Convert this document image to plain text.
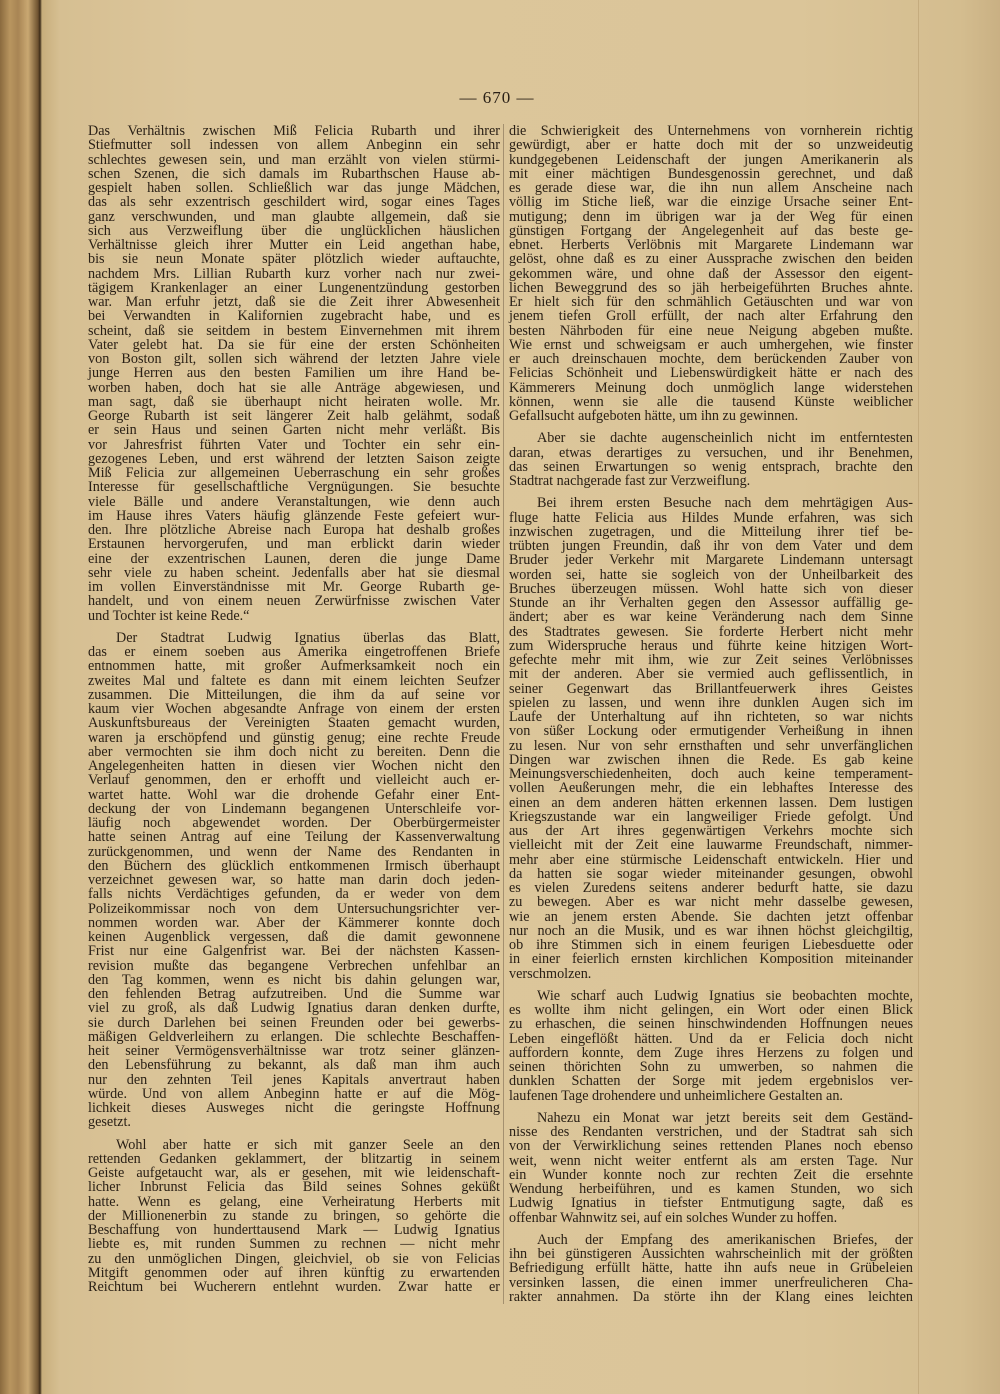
— 670 —
Das Verhältnis zwischen Miß Felicia Rubarth und ihrer
Stiefmutter soll indessen von allem Anbeginn ein sehr
schlechtes gewesen sein, und man erzählt von vielen stürmi-
schen Szenen, die sich damals im Rubarthschen Hause ab-
gespielt haben sollen. Schließlich war das junge Mädchen,
das als sehr exzentrisch geschildert wird, sogar eines Tages
ganz verschwunden, und man glaubte allgemein, daß sie
sich aus Verzweiflung über die unglücklichen häuslichen
Verhältnisse gleich ihrer Mutter ein Leid angethan habe,
bis sie neun Monate später plötzlich wieder auftauchte,
nachdem Mrs. Lillian Rubarth kurz vorher nach nur zwei-
tägigem Krankenlager an einer Lungenentzündung gestorben
war. Man erfuhr jetzt, daß sie die Zeit ihrer Abwesenheit
bei Verwandten in Kalifornien zugebracht habe, und es
scheint, daß sie seitdem in bestem Einvernehmen mit ihrem
Vater gelebt hat. Da sie für eine der ersten Schönheiten
von Boston gilt, sollen sich während der letzten Jahre viele
junge Herren aus den besten Familien um ihre Hand be-
worben haben, doch hat sie alle Anträge abgewiesen, und
man sagt, daß sie überhaupt nicht heiraten wolle. Mr.
George Rubarth ist seit längerer Zeit halb gelähmt, sodaß
er sein Haus und seinen Garten nicht mehr verläßt. Bis
vor Jahresfrist führten Vater und Tochter ein sehr ein-
gezogenes Leben, und erst während der letzten Saison zeigte
Miß Felicia zur allgemeinen Ueberraschung ein sehr großes
Interesse für gesellschaftliche Vergnügungen. Sie besuchte
viele Bälle und andere Veranstaltungen, wie denn auch
im Hause ihres Vaters häufig glänzende Feste gefeiert wur-
den. Ihre plötzliche Abreise nach Europa hat deshalb großes
Erstaunen hervorgerufen, und man erblickt darin wieder
eine der exzentrischen Launen, deren die junge Dame
sehr viele zu haben scheint. Jedenfalls aber hat sie diesmal
im vollen Einverständnisse mit Mr. George Rubarth ge-
handelt, und von einem neuen Zerwürfnisse zwischen Vater
und Tochter ist keine Rede.“
Der Stadtrat Ludwig Ignatius überlas das Blatt,
das er einem soeben aus Amerika eingetroffenen Briefe
entnommen hatte, mit großer Aufmerksamkeit noch ein
zweites Mal und faltete es dann mit einem leichten Seufzer
zusammen. Die Mitteilungen, die ihm da auf seine vor
kaum vier Wochen abgesandte Anfrage von einem der ersten
Auskunftsbureaus der Vereinigten Staaten gemacht wurden,
waren ja erschöpfend und günstig genug; eine rechte Freude
aber vermochten sie ihm doch nicht zu bereiten. Denn die
Angelegenheiten hatten in diesen vier Wochen nicht den
Verlauf genommen, den er erhofft und vielleicht auch er-
wartet hatte. Wohl war die drohende Gefahr einer Ent-
deckung der von Lindemann begangenen Unterschleife vor-
läufig noch abgewendet worden. Der Oberbürgermeister
hatte seinen Antrag auf eine Teilung der Kassenverwaltung
zurückgenommen, und wenn der Name des Rendanten in
den Büchern des glücklich entkommenen Irmisch überhaupt
verzeichnet gewesen war, so hatte man darin doch jeden-
falls nichts Verdächtiges gefunden, da er weder von dem
Polizeikommissar noch von dem Untersuchungsrichter ver-
nommen worden war. Aber der Kämmerer konnte doch
keinen Augenblick vergessen, daß die damit gewonnene
Frist nur eine Galgenfrist war. Bei der nächsten Kassen-
revision mußte das begangene Verbrechen unfehlbar an
den Tag kommen, wenn es nicht bis dahin gelungen war,
den fehlenden Betrag aufzutreiben. Und die Summe war
viel zu groß, als daß Ludwig Ignatius daran denken durfte,
sie durch Darlehen bei seinen Freunden oder bei gewerbs-
mäßigen Geldverleihern zu erlangen. Die schlechte Beschaffen-
heit seiner Vermögensverhältnisse war trotz seiner glänzen-
den Lebensführung zu bekannt, als daß man ihm auch
nur den zehnten Teil jenes Kapitals anvertraut haben
würde. Und von allem Anbeginn hatte er auf die Mög-
lichkeit dieses Ausweges nicht die geringste Hoffnung
gesetzt.
Wohl aber hatte er sich mit ganzer Seele an den
rettenden Gedanken geklammert, der blitzartig in seinem
Geiste aufgetaucht war, als er gesehen, mit wie leidenschaft-
licher Inbrunst Felicia das Bild seines Sohnes geküßt
hatte. Wenn es gelang, eine Verheiratung Herberts mit
der Millionenerbin zu stande zu bringen, so gehörte die
Beschaffung von hunderttausend Mark — Ludwig Ignatius
liebte es, mit runden Summen zu rechnen — nicht mehr
zu den unmöglichen Dingen, gleichviel, ob sie von Felicias
Mitgift genommen oder auf ihren künftig zu erwartenden
Reichtum bei Wucherern entlehnt wurden. Zwar hatte er
die Schwierigkeit des Unternehmens von vornherein richtig
gewürdigt, aber er hatte doch mit der so unzweideutig
kundgegebenen Leidenschaft der jungen Amerikanerin als
mit einer mächtigen Bundesgenossin gerechnet, und daß
es gerade diese war, die ihn nun allem Anscheine nach
völlig im Stiche ließ, war die einzige Ursache seiner Ent-
mutigung; denn im übrigen war ja der Weg für einen
günstigen Fortgang der Angelegenheit auf das beste ge-
ebnet. Herberts Verlöbnis mit Margarete Lindemann war
gelöst, ohne daß es zu einer Aussprache zwischen den beiden
gekommen wäre, und ohne daß der Assessor den eigent-
lichen Beweggrund des so jäh herbeigeführten Bruches ahnte.
Er hielt sich für den schmählich Getäuschten und war von
jenem tiefen Groll erfüllt, der nach alter Erfahrung den
besten Nährboden für eine neue Neigung abgeben mußte.
Wie ernst und schweigsam er auch umhergehen, wie finster
er auch dreinschauen mochte, dem berückenden Zauber von
Felicias Schönheit und Liebenswürdigkeit hätte er nach des
Kämmerers Meinung doch unmöglich lange widerstehen
können, wenn sie alle die tausend Künste weiblicher
Gefallsucht aufgeboten hätte, um ihn zu gewinnen.
Aber sie dachte augenscheinlich nicht im entferntesten
daran, etwas derartiges zu versuchen, und ihr Benehmen,
das seinen Erwartungen so wenig entsprach, brachte den
Stadtrat nachgerade fast zur Verzweiflung.
Bei ihrem ersten Besuche nach dem mehrtägigen Aus-
fluge hatte Felicia aus Hildes Munde erfahren, was sich
inzwischen zugetragen, und die Mitteilung ihrer tief be-
trübten jungen Freundin, daß ihr von dem Vater und dem
Bruder jeder Verkehr mit Margarete Lindemann untersagt
worden sei, hatte sie sogleich von der Unheilbarkeit des
Bruches überzeugen müssen. Wohl hatte sich von dieser
Stunde an ihr Verhalten gegen den Assessor auffällig ge-
ändert; aber es war keine Veränderung nach dem Sinne
des Stadtrates gewesen. Sie forderte Herbert nicht mehr
zum Widerspruche heraus und führte keine hitzigen Wort-
gefechte mehr mit ihm, wie zur Zeit seines Verlöbnisses
mit der anderen. Aber sie vermied auch geflissentlich, in
seiner Gegenwart das Brillantfeuerwerk ihres Geistes
spielen zu lassen, und wenn ihre dunklen Augen sich im
Laufe der Unterhaltung auf ihn richteten, so war nichts
von süßer Lockung oder ermutigender Verheißung in ihnen
zu lesen. Nur von sehr ernsthaften und sehr unverfänglichen
Dingen war zwischen ihnen die Rede. Es gab keine
Meinungsverschiedenheiten, doch auch keine temperament-
vollen Aeußerungen mehr, die ein lebhaftes Interesse des
einen an dem anderen hätten erkennen lassen. Dem lustigen
Kriegszustande war ein langweiliger Friede gefolgt. Und
aus der Art ihres gegenwärtigen Verkehrs mochte sich
vielleicht mit der Zeit eine lauwarme Freundschaft, nimmer-
mehr aber eine stürmische Leidenschaft entwickeln. Hier und
da hatten sie sogar wieder miteinander gesungen, obwohl
es vielen Zuredens seitens anderer bedurft hatte, sie dazu
zu bewegen. Aber es war nicht mehr dasselbe gewesen,
wie an jenem ersten Abende. Sie dachten jetzt offenbar
nur noch an die Musik, und es war ihnen höchst gleichgiltig,
ob ihre Stimmen sich in einem feurigen Liebesduette oder
in einer feierlich ernsten kirchlichen Komposition miteinander
verschmolzen.
Wie scharf auch Ludwig Ignatius sie beobachten mochte,
es wollte ihm nicht gelingen, ein Wort oder einen Blick
zu erhaschen, die seinen hinschwindenden Hoffnungen neues
Leben eingeflößt hätten. Und da er Felicia doch nicht
auffordern konnte, dem Zuge ihres Herzens zu folgen und
seinen thörichten Sohn zu umwerben, so nahmen die
dunklen Schatten der Sorge mit jedem ergebnislos ver-
laufenen Tage drohendere und unheimlichere Gestalten an.
Nahezu ein Monat war jetzt bereits seit dem Geständ-
nisse des Rendanten verstrichen, und der Stadtrat sah sich
von der Verwirklichung seines rettenden Planes noch ebenso
weit, wenn nicht weiter entfernt als am ersten Tage. Nur
ein Wunder konnte noch zur rechten Zeit die ersehnte
Wendung herbeiführen, und es kamen Stunden, wo sich
Ludwig Ignatius in tiefster Entmutigung sagte, daß es
offenbar Wahnwitz sei, auf ein solches Wunder zu hoffen.
Auch der Empfang des amerikanischen Briefes, der
ihn bei günstigeren Aussichten wahrscheinlich mit der größten
Befriedigung erfüllt hätte, hatte ihn aufs neue in Grübeleien
versinken lassen, die einen immer unerfreulicheren Cha-
rakter annahmen. Da störte ihn der Klang eines leichten
